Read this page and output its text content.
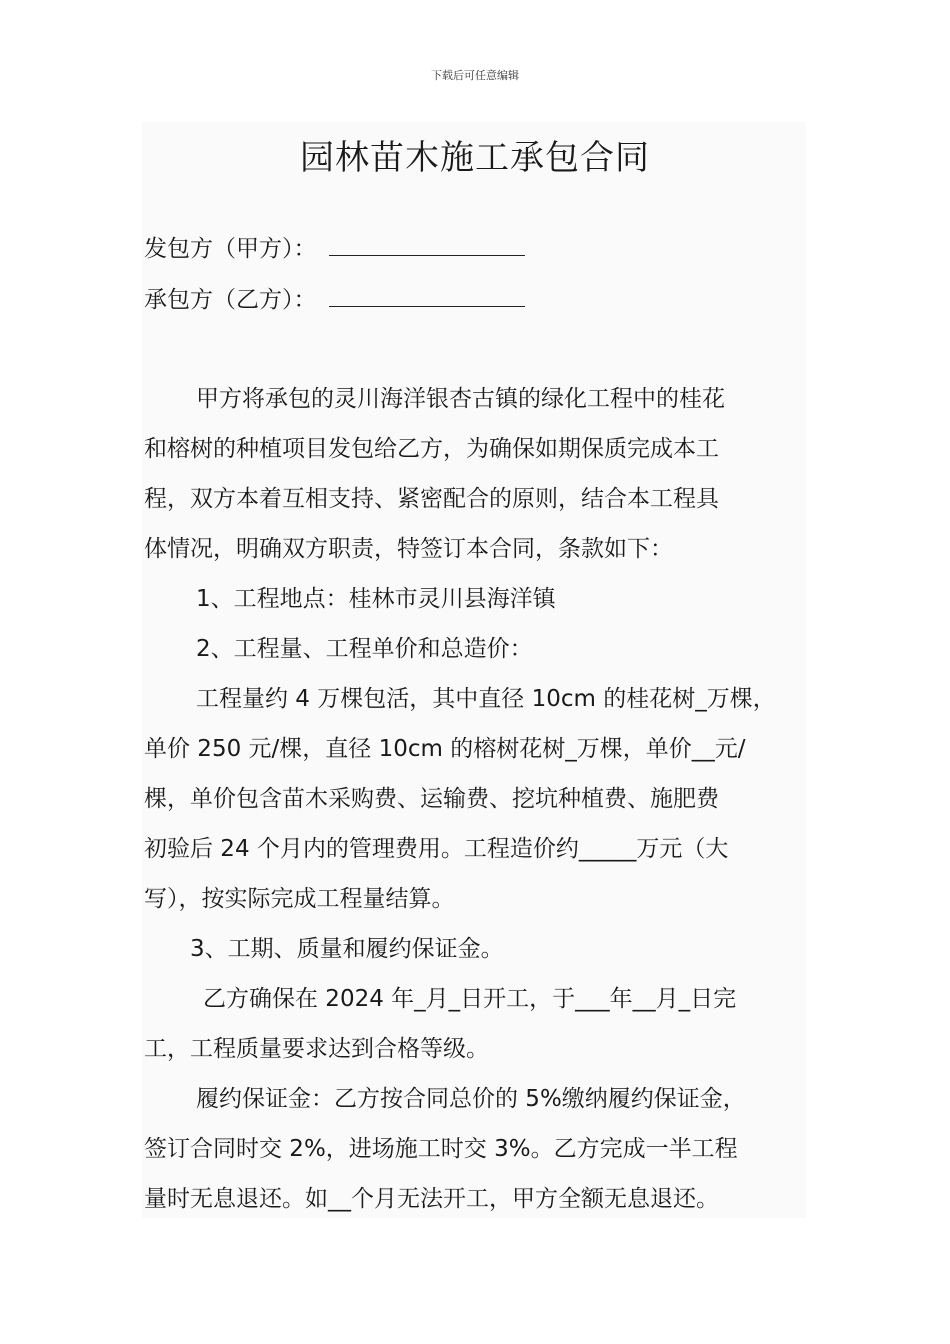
下载后可任意编辑
园林苗木施工承包合同
发包方（甲方）：
承包方（乙方）：
甲方将承包的灵川海洋银杏古镇的绿化工程中的桂花
和榕树的种植项目发包给乙方，为确保如期保质完成本工
程，双方本着互相支持、紧密配合的原则，结合本工程具
体情况，明确双方职责，特签订本合同，条款如下：
1、工程地点：桂林市灵川县海洋镇
2、工程量、工程单价和总造价：
工程量约 4 万棵包活，其中直径 10cm 的桂花树_万棵，
单价 250 元/棵，直径 10cm 的榕树花树_万棵，单价__元/
棵，单价包含苗木采购费、运输费、挖坑种植费、施肥费
初验后 24 个月内的管理费用。工程造价约_____万元（大
写），按实际完成工程量结算。
3、工期、质量和履约保证金。
乙方确保在 2024 年_月_日开工，于___年__月_日完
工，工程质量要求达到合格等级。
履约保证金：乙方按合同总价的 5%缴纳履约保证金，
签订合同时交 2%，进场施工时交 3%。乙方完成一半工程
量时无息退还。如__个月无法开工，甲方全额无息退还。
